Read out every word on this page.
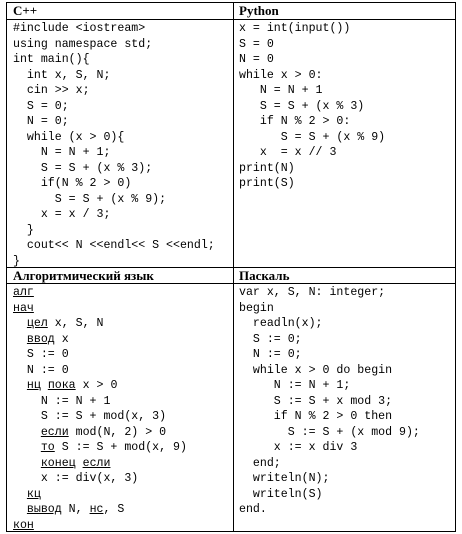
C++	Python
Алгоритмический язык	Паскаль
#include <iostream>
using namespace std;
int main(){
int x, S, N;
cin >> x;
S = 0;
N = 0;
while (x > 0){
N = N + 1;
S = S + (x % 3);
if(N % 2 > 0)
S = S + (x % 9);
x = x / 3;
}
cout<< N <<endl<< S <<endl;
}
x = int(input())
S = 0
N = 0
while x > 0:
N = N + 1
S = S + (x % 3)
if N % 2 > 0:
S = S + (x % 9)
x  = x // 3
print(N)
print(S)
алг
нач
цел x, S, N
ввод x
S := 0
N := 0
нц пока x > 0
N := N + 1
S := S + mod(x, 3)
если mod(N, 2) > 0
то S := S + mod(x, 9)
конец если
x := div(x, 3)
кц
вывод N, нс, S
кон
var x, S, N: integer;
begin
readln(x);
S := 0;
N := 0;
while x > 0 do begin
N := N + 1;
S := S + x mod 3;
if N % 2 > 0 then
S := S + (x mod 9);
x := x div 3
end;
writeln(N);
writeln(S)
end.
